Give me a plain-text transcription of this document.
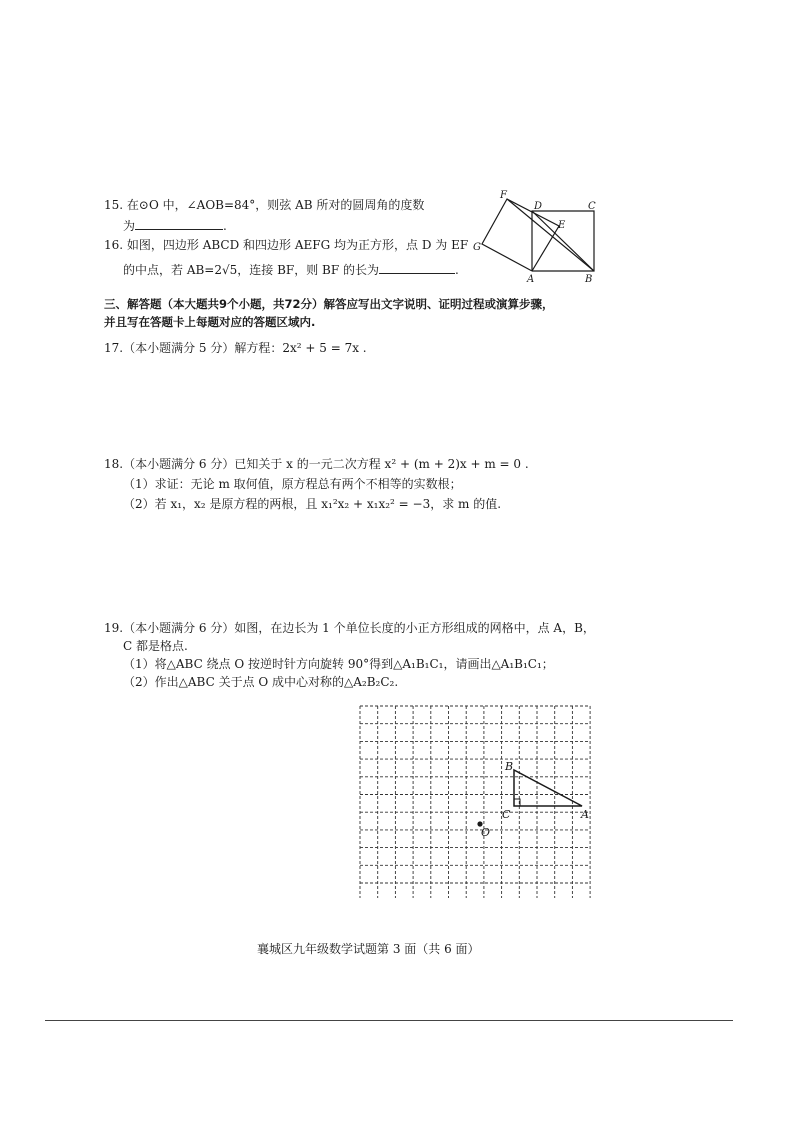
15. 在⊙O 中，∠AOB=84°，则弦 AB 所对的圆周角的度数
为	.
16. 如图，四边形 ABCD 和四边形 AEFG 均为正方形，点 D 为 EF
的中点，若 AB=2√5，连接 BF，则 BF 的长为	.
F
D	C
E
G
A	B
三、解答题（本大题共9个小题，共72分）解答应写出文字说明、证明过程或演算步骤，
并且写在答题卡上每题对应的答题区域内.
17.（本小题满分 5 分）解方程：2x² + 5 = 7x .
18.（本小题满分 6 分）已知关于 x 的一元二次方程 x² + (m + 2)x + m = 0 .
（1）求证：无论 m 取何值，原方程总有两个不相等的实数根；
（2）若 x₁，x₂ 是原方程的两根，且 x₁²x₂ + x₁x₂² = −3，求 m 的值.
19.（本小题满分 6 分）如图，在边长为 1 个单位长度的小正方形组成的网格中，点 A，B，
C 都是格点.
（1）将△ABC 绕点 O 按逆时针方向旋转 90°得到△A₁B₁C₁，请画出△A₁B₁C₁；
（2）作出△ABC 关于点 O 成中心对称的△A₂B₂C₂.
B
C	A
O
襄城区九年级数学试题第 3 面（共 6 面）
